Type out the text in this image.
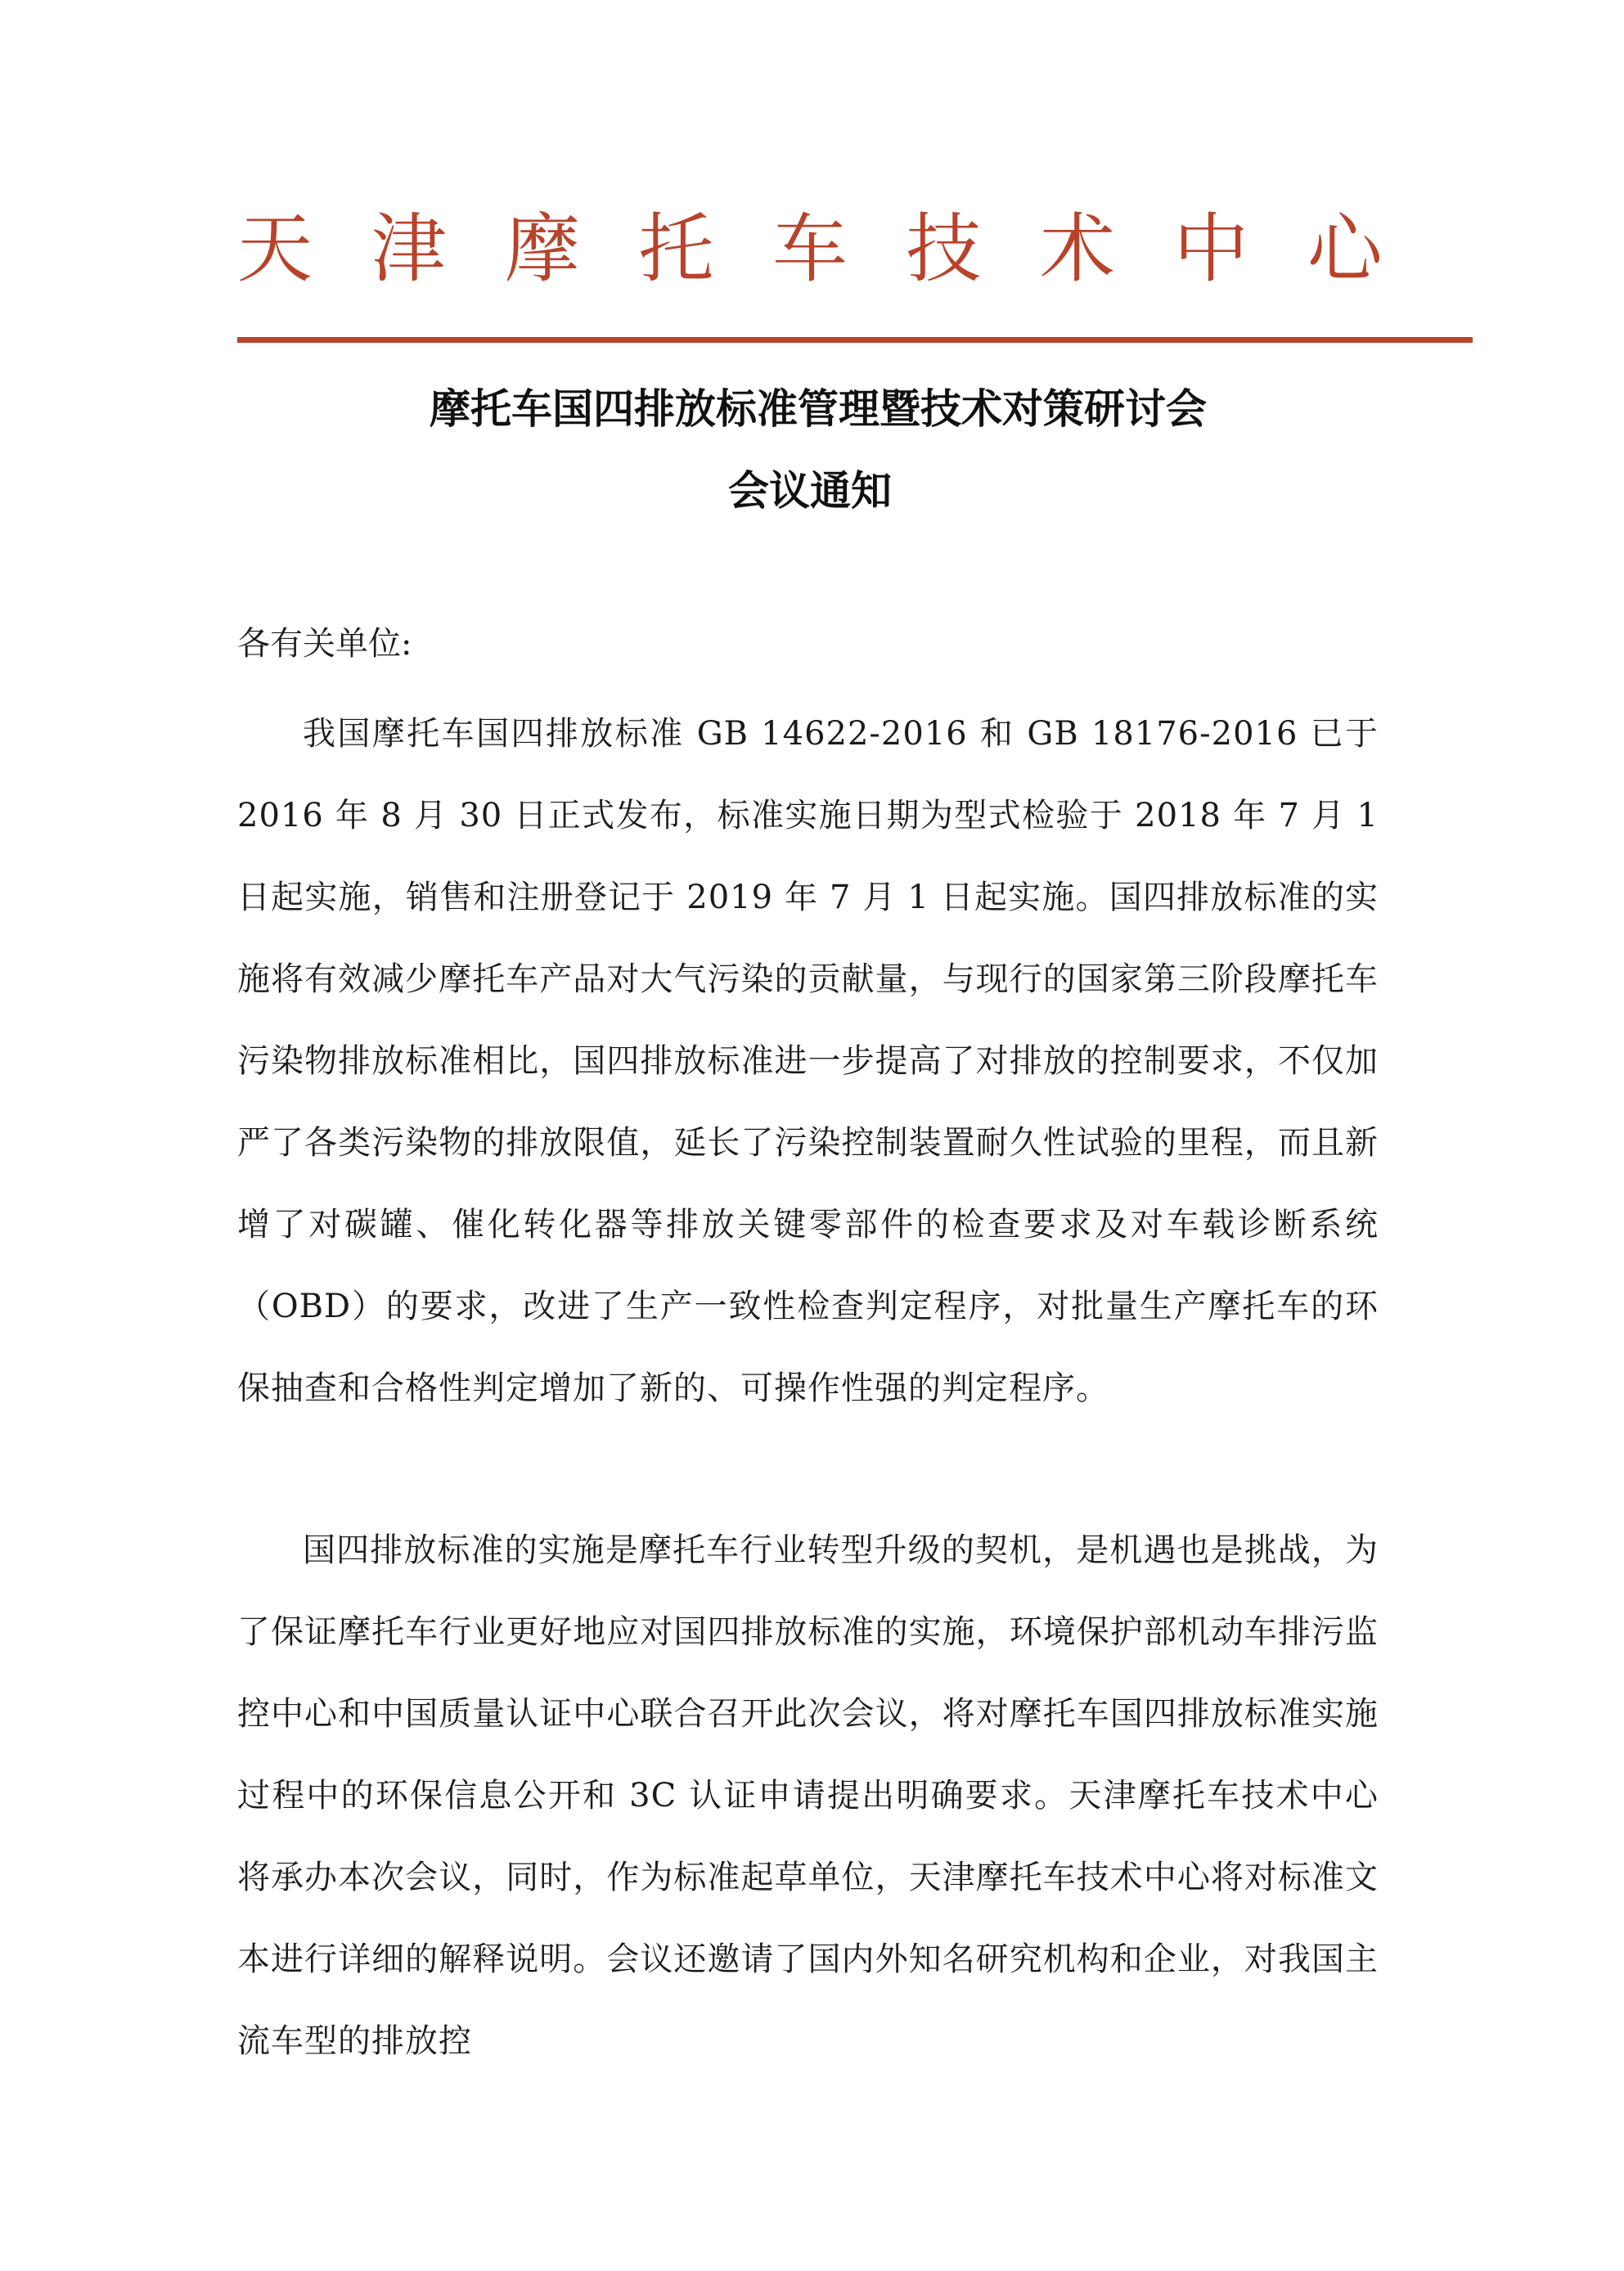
天 津 摩 托 车 技 术 中 心
摩托车国四排放标准管理暨技术对策研讨会
会议通知
各有关单位:
我国摩托车国四排放标准 GB 14622-2016 和 GB 18176-2016 已于 2016 年 8 月 30 日正式发布，标准实施日期为型式检验于 2018 年 7 月 1 日起实施，销售和注册登记于 2019 年 7 月 1 日起实施。国四排放标准的实施将有效减少摩托车产品对大气污染的贡献量，与现行的国家第三阶段摩托车污染物排放标准相比，国四排放标准进一步提高了对排放的控制要求，不仅加严了各类污染物的排放限值，延长了污染控制装置耐久性试验的里程，而且新增了对碳罐、催化转化器等排放关键零部件的检查要求及对车载诊断系统（OBD）的要求，改进了生产一致性检查判定程序，对批量生产摩托车的环保抽查和合格性判定增加了新的、可操作性强的判定程序。
国四排放标准的实施是摩托车行业转型升级的契机，是机遇也是挑战，为了保证摩托车行业更好地应对国四排放标准的实施，环境保护部机动车排污监控中心和中国质量认证中心联合召开此次会议，将对摩托车国四排放标准实施过程中的环保信息公开和 3C 认证申请提出明确要求。天津摩托车技术中心将承办本次会议，同时，作为标准起草单位，天津摩托车技术中心将对标准文本进行详细的解释说明。会议还邀请了国内外知名研究机构和企业，对我国主流车型的排放控
